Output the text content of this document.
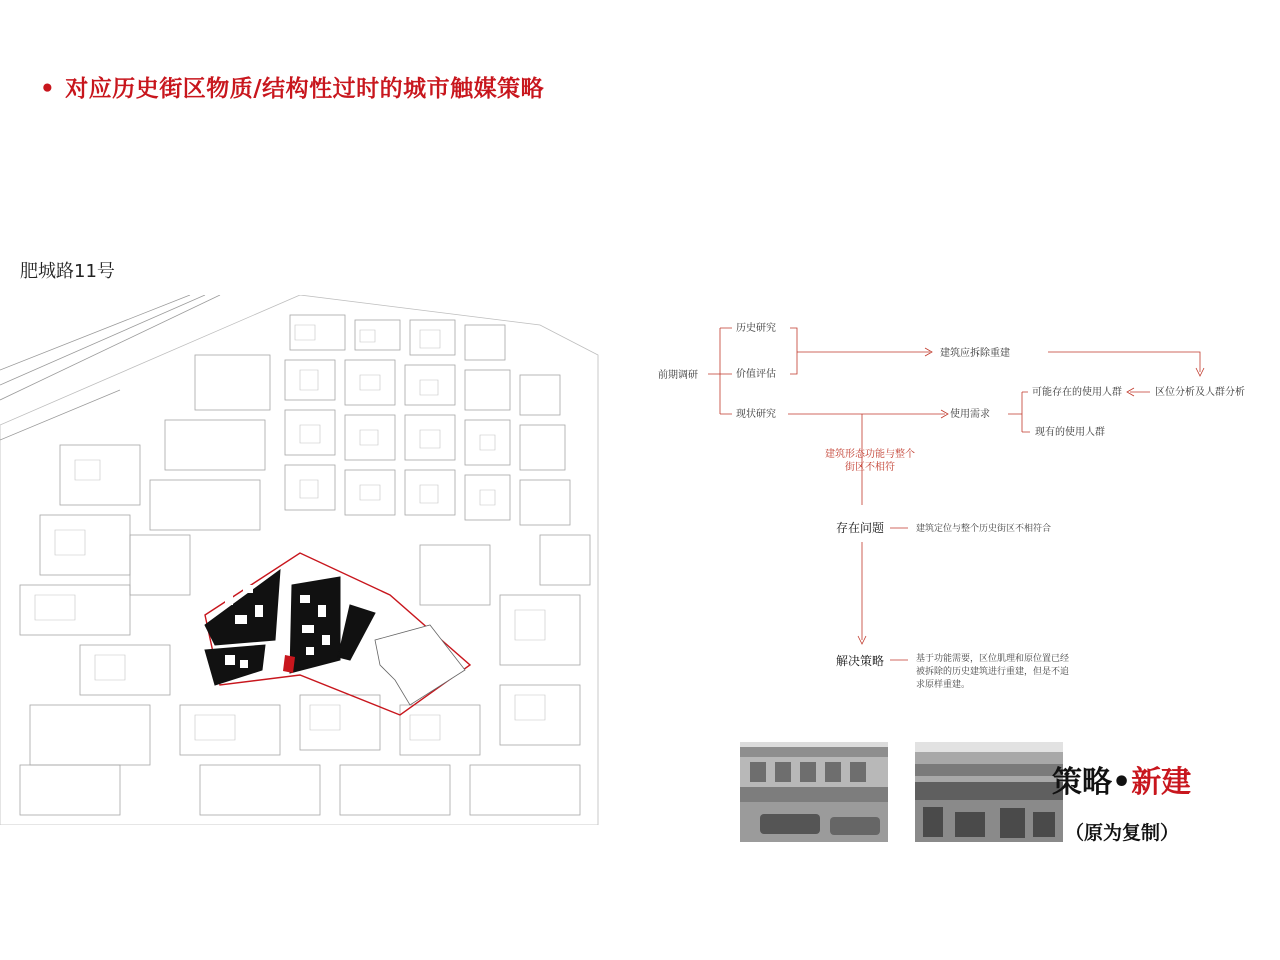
• 对应历史街区物质/结构性过时的城市触媒策略
肥城路11号
前期调研
历史研究
价值评估
现状研究
建筑应拆除重建
使用需求
可能存在的使用人群	区位分析及人群分析
现有的使用人群
建筑形态功能与整个
街区不相符
存在问题
解决策略
建筑定位与整个历史街区不相符合
基于功能需要，区位肌理和原位置已经
被拆除的历史建筑进行重建，但是不追
求原样重建。
策略•新建
（原为复制）
